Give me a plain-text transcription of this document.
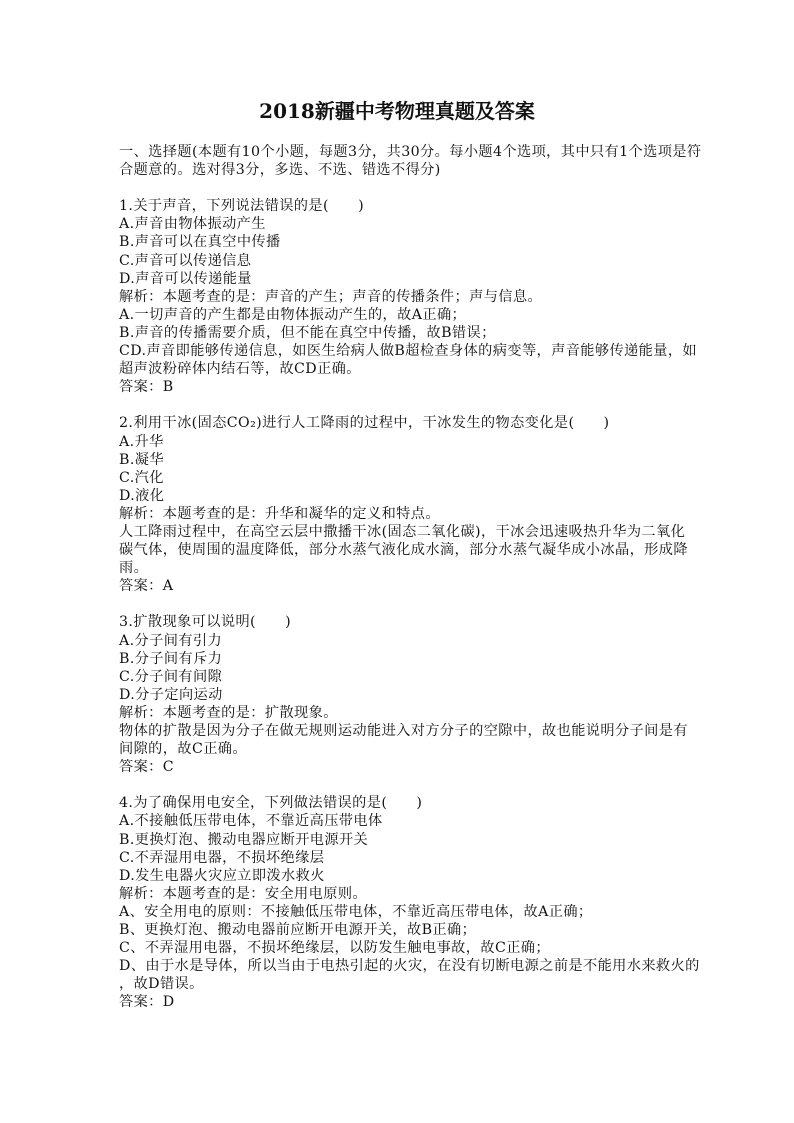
2018新疆中考物理真题及答案
一、选择题(本题有10个小题，每题3分，共30分。每小题4个选项，其中只有1个选项是符
合题意的。选对得3分，多选、不选、错选不得分)
1.关于声音，下列说法错误的是(　　)
A.声音由物体振动产生
B.声音可以在真空中传播
C.声音可以传递信息
D.声音可以传递能量
解析：本题考查的是：声音的产生；声音的传播条件；声与信息。
A.一切声音的产生都是由物体振动产生的，故A正确；
B.声音的传播需要介质，但不能在真空中传播，故B错误；
CD.声音即能够传递信息，如医生给病人做B超检查身体的病变等，声音能够传递能量，如
超声波粉碎体内结石等，故CD正确。
答案：B
2.利用干冰(固态CO₂)进行人工降雨的过程中，干冰发生的物态变化是(　　)
A.升华
B.凝华
C.汽化
D.液化
解析：本题考查的是：升华和凝华的定义和特点。
人工降雨过程中，在高空云层中撒播干冰(固态二氧化碳)，干冰会迅速吸热升华为二氧化
碳气体，使周围的温度降低，部分水蒸气液化成水滴，部分水蒸气凝华成小冰晶，形成降
雨。
答案：A
3.扩散现象可以说明(　　)
A.分子间有引力
B.分子间有斥力
C.分子间有间隙
D.分子定向运动
解析：本题考查的是：扩散现象。
物体的扩散是因为分子在做无规则运动能进入对方分子的空隙中，故也能说明分子间是有
间隙的，故C正确。
答案：C
4.为了确保用电安全，下列做法错误的是(　　)
A.不接触低压带电体，不靠近高压带电体
B.更换灯泡、搬动电器应断开电源开关
C.不弄湿用电器，不损坏绝缘层
D.发生电器火灾应立即泼水救火
解析：本题考查的是：安全用电原则。
A、安全用电的原则：不接触低压带电体，不靠近高压带电体，故A正确；
B、更换灯泡、搬动电器前应断开电源开关，故B正确；
C、不弄湿用电器，不损坏绝缘层，以防发生触电事故，故C正确；
D、由于水是导体，所以当由于电热引起的火灾，在没有切断电源之前是不能用水来救火的
，故D错误。
答案：D
